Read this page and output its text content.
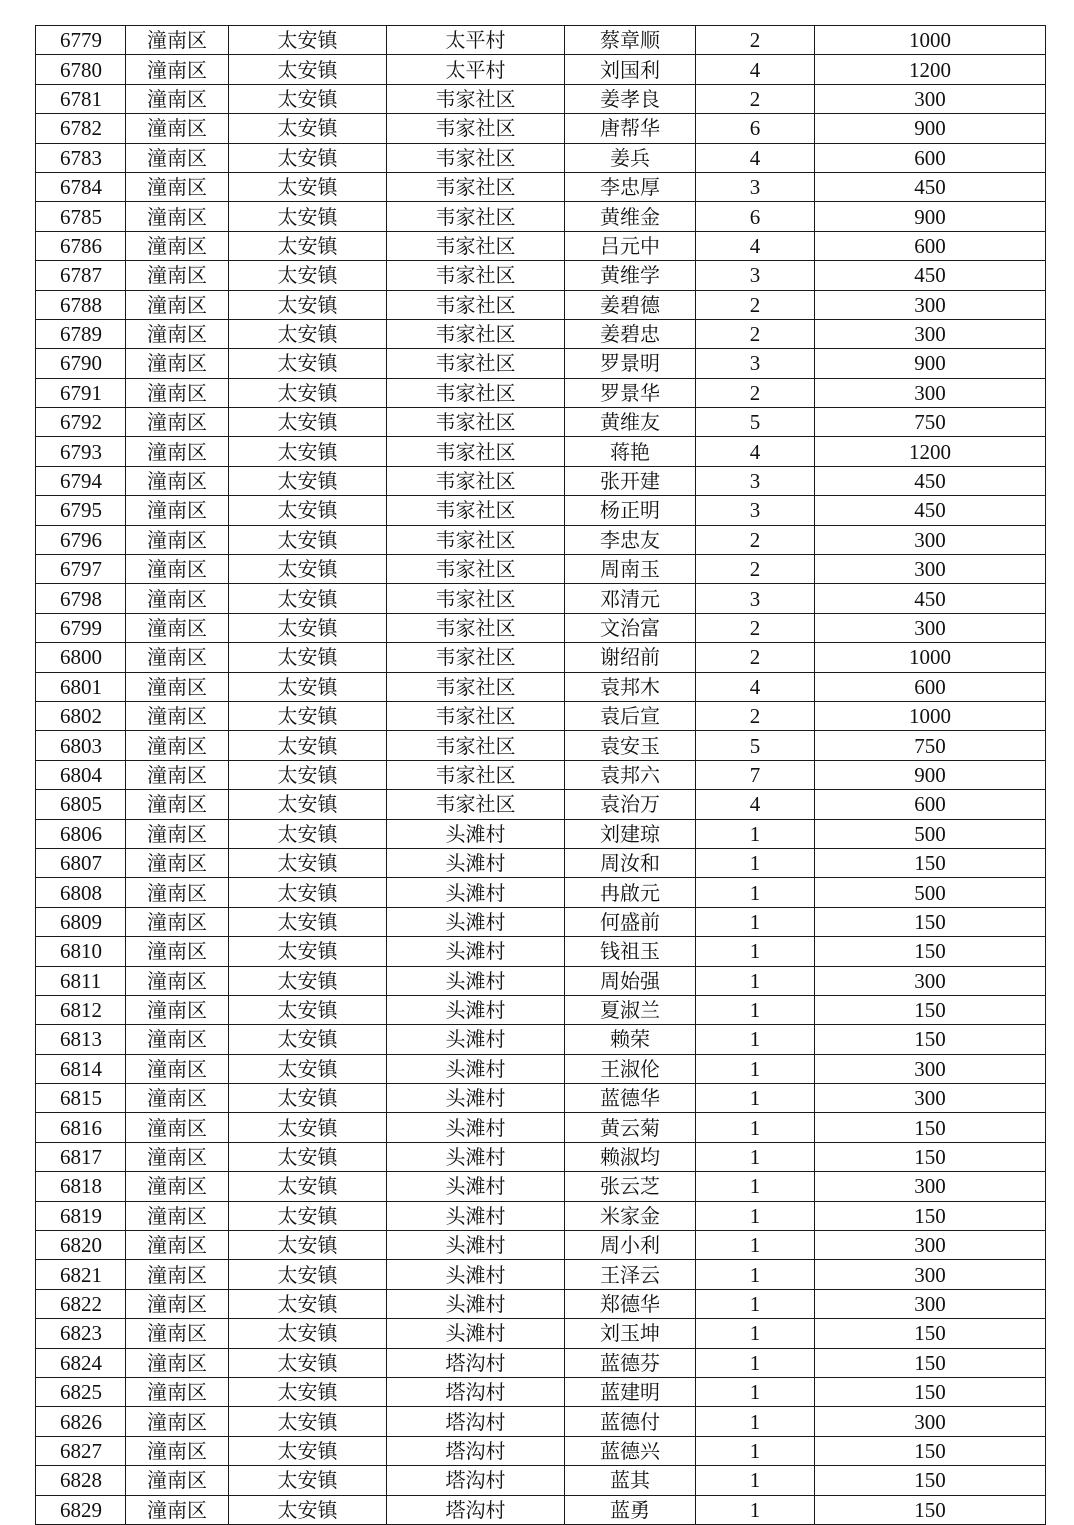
6779	潼南区	太安镇	太平村	蔡章顺	2	1000
6780	潼南区	太安镇	太平村	刘国利	4	1200
6781	潼南区	太安镇	韦家社区	姜孝良	2	300
6782	潼南区	太安镇	韦家社区	唐帮华	6	900
6783	潼南区	太安镇	韦家社区	姜兵	4	600
6784	潼南区	太安镇	韦家社区	李忠厚	3	450
6785	潼南区	太安镇	韦家社区	黄维金	6	900
6786	潼南区	太安镇	韦家社区	吕元中	4	600
6787	潼南区	太安镇	韦家社区	黄维学	3	450
6788	潼南区	太安镇	韦家社区	姜碧德	2	300
6789	潼南区	太安镇	韦家社区	姜碧忠	2	300
6790	潼南区	太安镇	韦家社区	罗景明	3	900
6791	潼南区	太安镇	韦家社区	罗景华	2	300
6792	潼南区	太安镇	韦家社区	黄维友	5	750
6793	潼南区	太安镇	韦家社区	蒋艳	4	1200
6794	潼南区	太安镇	韦家社区	张开建	3	450
6795	潼南区	太安镇	韦家社区	杨正明	3	450
6796	潼南区	太安镇	韦家社区	李忠友	2	300
6797	潼南区	太安镇	韦家社区	周南玉	2	300
6798	潼南区	太安镇	韦家社区	邓清元	3	450
6799	潼南区	太安镇	韦家社区	文治富	2	300
6800	潼南区	太安镇	韦家社区	谢绍前	2	1000
6801	潼南区	太安镇	韦家社区	袁邦木	4	600
6802	潼南区	太安镇	韦家社区	袁后宣	2	1000
6803	潼南区	太安镇	韦家社区	袁安玉	5	750
6804	潼南区	太安镇	韦家社区	袁邦六	7	900
6805	潼南区	太安镇	韦家社区	袁治万	4	600
6806	潼南区	太安镇	头滩村	刘建琼	1	500
6807	潼南区	太安镇	头滩村	周汝和	1	150
6808	潼南区	太安镇	头滩村	冉啟元	1	500
6809	潼南区	太安镇	头滩村	何盛前	1	150
6810	潼南区	太安镇	头滩村	钱祖玉	1	150
6811	潼南区	太安镇	头滩村	周始强	1	300
6812	潼南区	太安镇	头滩村	夏淑兰	1	150
6813	潼南区	太安镇	头滩村	赖荣	1	150
6814	潼南区	太安镇	头滩村	王淑伦	1	300
6815	潼南区	太安镇	头滩村	蓝德华	1	300
6816	潼南区	太安镇	头滩村	黄云菊	1	150
6817	潼南区	太安镇	头滩村	赖淑均	1	150
6818	潼南区	太安镇	头滩村	张云芝	1	300
6819	潼南区	太安镇	头滩村	米家金	1	150
6820	潼南区	太安镇	头滩村	周小利	1	300
6821	潼南区	太安镇	头滩村	王泽云	1	300
6822	潼南区	太安镇	头滩村	郑德华	1	300
6823	潼南区	太安镇	头滩村	刘玉坤	1	150
6824	潼南区	太安镇	塔沟村	蓝德芬	1	150
6825	潼南区	太安镇	塔沟村	蓝建明	1	150
6826	潼南区	太安镇	塔沟村	蓝德付	1	300
6827	潼南区	太安镇	塔沟村	蓝德兴	1	150
6828	潼南区	太安镇	塔沟村	蓝其	1	150
6829	潼南区	太安镇	塔沟村	蓝勇	1	150
